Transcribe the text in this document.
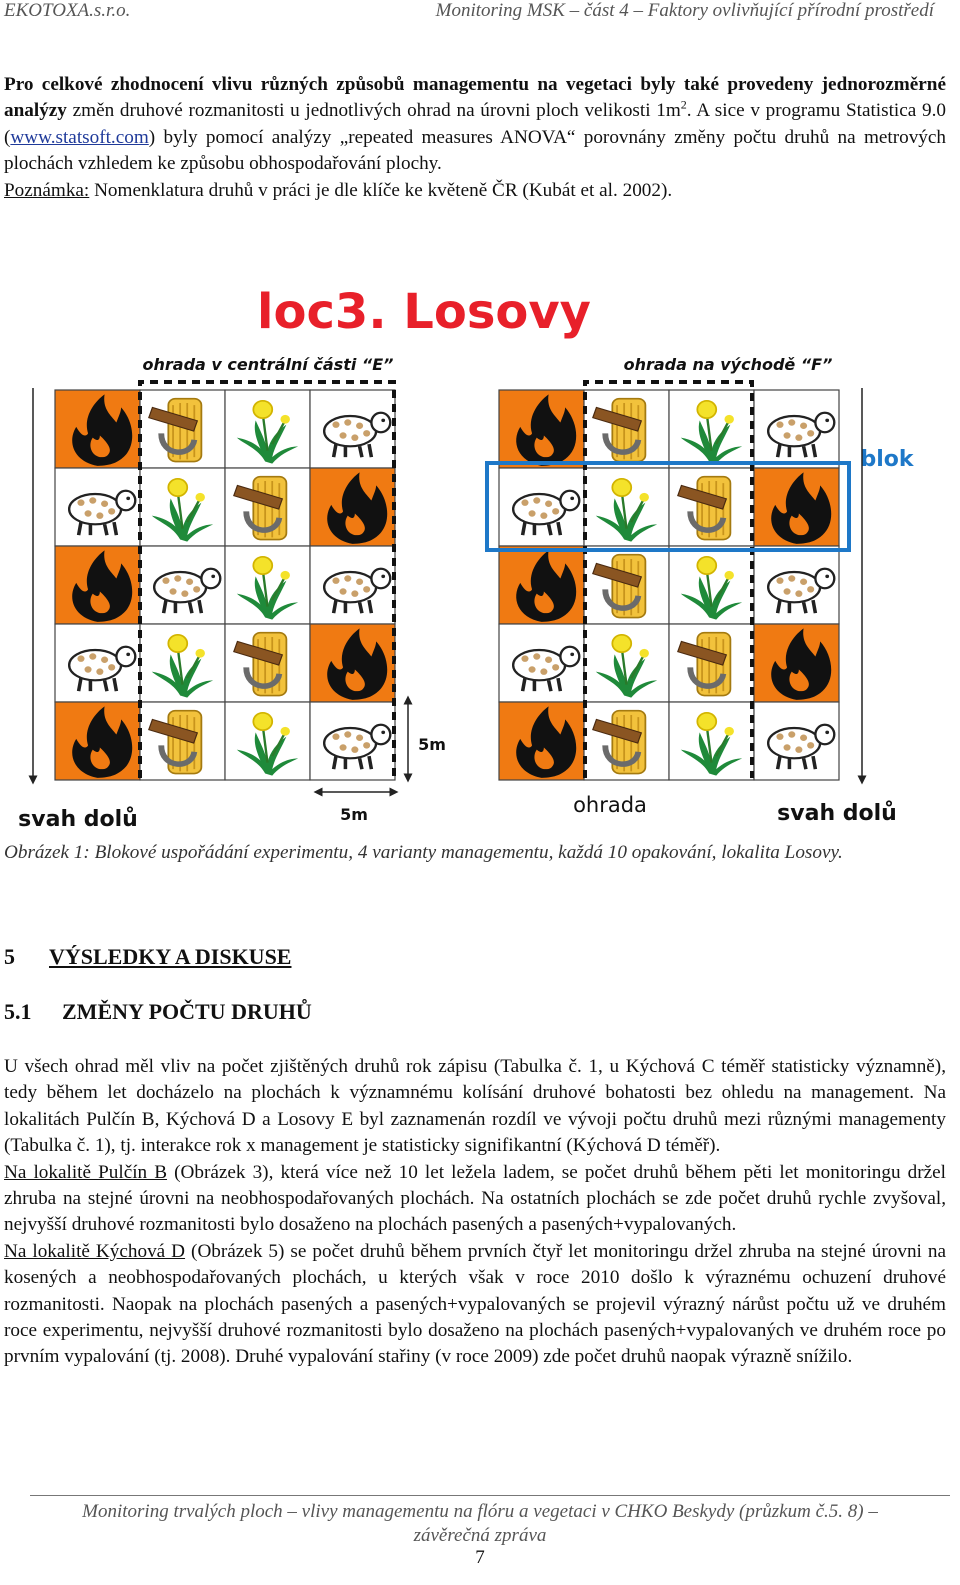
EKOTOXA.s.r.o.	Monitoring MSK – část 4 – Faktory ovlivňující přírodní prostředí

Pro celkové zhodnocení vlivu různých způsobů managementu na vegetaci byly také provedeny jednorozměrné analýzy změn druhové rozmanitosti u jednotlivých ohrad na úrovni ploch velikosti $1m^2$. A sice v programu Statistica 9.0 (www.statsoft.com) byly pomocí analýzy „repeated measures ANOVA“ porovnány změny počtu druhů na metrových plochách vzhledem ke způsobu obhospodařování plochy.
Poznámka: Nomenklatura druhů v práci je dle klíče ke květeně ČR (Kubát et al. 2002).

loc3. Losovy
ohrada v centrální části “E”	ohrada na východě “F”
blok
svah dolů	svah dolů
5m
5m	ohrada

Obrázek 1: Blokové uspořádání experimentu, 4 varianty managementu, každá 10 opakování, lokalita Losovy.

5 VÝSLEDKY A DISKUSE
5.1 ZMĚNY POČTU DRUHŮ

U všech ohrad měl vliv na počet zjištěných druhů rok zápisu (Tabulka č. 1, u Kýchová C téměř statisticky významně), tedy během let docházelo na plochách k významnému kolísání druhové bohatosti bez ohledu na management. Na lokalitách Pulčín B, Kýchová D a Losovy E byl zaznamenán rozdíl ve vývoji počtu druhů mezi různými managementy (Tabulka č. 1), tj. interakce rok x management je statisticky signifikantní (Kýchová D téměř).
Na lokalitě Pulčín B (Obrázek 3), která více než 10 let ležela ladem, se počet druhů během pěti let monitoringu držel zhruba na stejné úrovni na neobhospodařovaných plochách. Na ostatních plochách se zde počet druhů rychle zvyšoval, nejvyšší druhové rozmanitosti bylo dosaženo na plochách pasených a pasených+vypalovaných.
Na lokalitě Kýchová D (Obrázek 5) se počet druhů během prvních čtyř let monitoringu držel zhruba na stejné úrovni na kosených a neobhospodařovaných plochách, u kterých však v roce 2010 došlo k výraznému ochuzení druhové rozmanitosti. Naopak na plochách pasených a pasených+vypalovaných se projevil výrazný nárůst počtu už ve druhém roce experimentu, nejvyšší druhové rozmanitosti bylo dosaženo na plochách pasených+vypalovaných ve druhém roce po prvním vypalování (tj. 2008). Druhé vypalování stařiny (v roce 2009) zde počet druhů naopak výrazně snížilo.

Monitoring trvalých ploch – vlivy managementu na flóru a vegetaci v CHKO Beskydy (průzkum č.5. 8) –
závěrečná zpráva
7
